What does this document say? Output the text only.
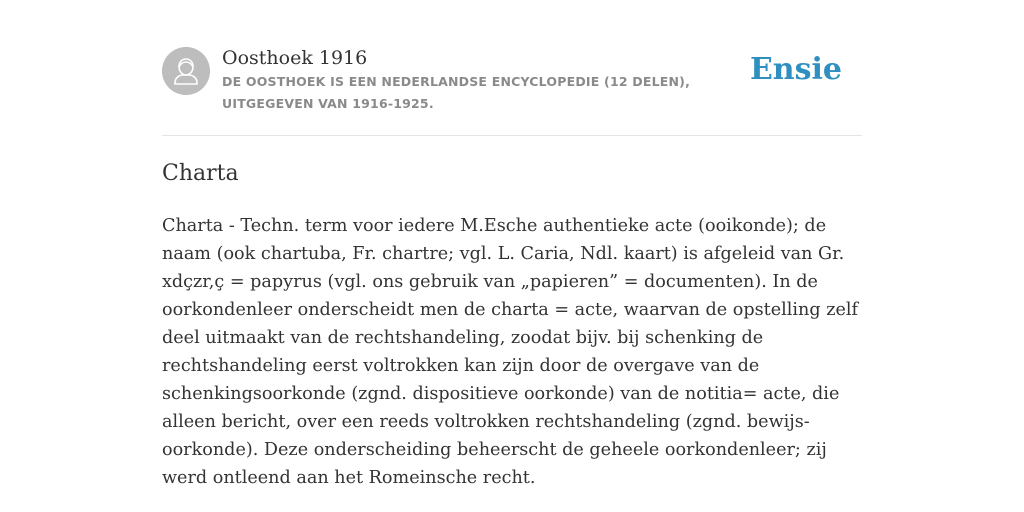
Oosthoek 1916
DE OOSTHOEK IS EEN NEDERLANDSE ENCYCLOPEDIE (12 DELEN), UITGEGEVEN VAN 1916-1925.
Ensie
Charta

Charta - Techn. term voor iedere M.Esche authentieke acte (ooikonde); de naam (ook chartuba, Fr. chartre; vgl. L. Caria, Ndl. kaart) is afgeleid van Gr. xdçzr,ç = papyrus (vgl. ons gebruik van „papieren” = documenten). In de oorkondenleer onderscheidt men de charta = acte, waarvan de opstelling zelf deel uitmaakt van de rechtshandeling, zoodat bijv. bij schenking de rechtshandeling eerst voltrokken kan zijn door de overgave van de schenkingsoorkonde (zgnd. dispositieve oorkonde) van de notitia= acte, die alleen bericht, over een reeds voltrokken rechtshandeling (zgnd. bewijs-oorkonde). Deze onderscheiding beheerscht de geheele oorkondenleer; zij werd ontleend aan het Romeinsche recht.
